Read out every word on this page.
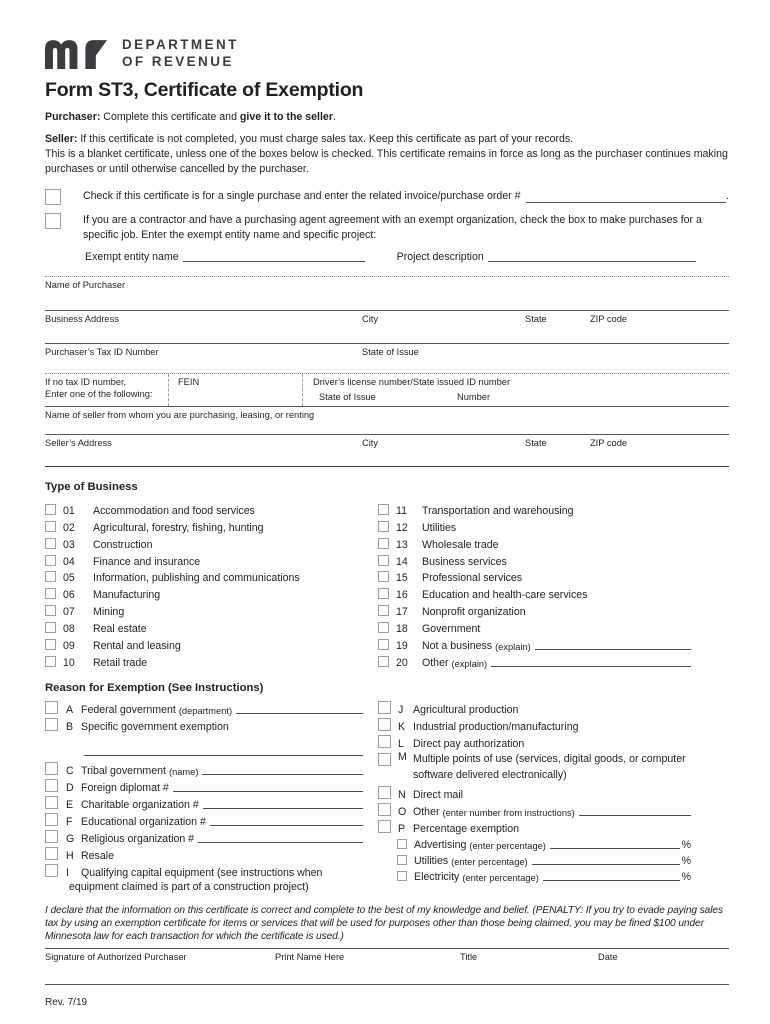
DEPARTMENT
OF REVENUE
Form ST3, Certificate of Exemption
Purchaser: Complete this certificate and give it to the seller.
Seller: If this certificate is not completed, you must charge sales tax. Keep this certificate as part of your records.
This is a blanket certificate, unless one of the boxes below is checked. This certificate remains in force as long as the purchaser continues making purchases or until otherwise cancelled by the purchaser.
Check if this certificate is for a single purchase and enter the related invoice/purchase order #	.
If you are a contractor and have a purchasing agent agreement with an exempt organization, check the box to make purchases for a specific job. Enter the exempt entity name and specific project:
Exempt entity name	Project description
Name of Purchaser
Business Address	City	State	ZIP code
Purchaser’s Tax ID Number	State of Issue
If no tax ID number,
Enter one of the following:
FEIN	Driver’s license number/State issued ID number
State of Issue	Number
Name of seller from whom you are purchasing, leasing, or renting
Seller’s Address	City	State	ZIP code
Type of Business
01	Accommodation and food services
02	Agricultural, forestry, fishing, hunting
03	Construction
04	Finance and insurance
05	Information, publishing and communications
06	Manufacturing
07	Mining
08	Real estate
09	Rental and leasing
10	Retail trade
11	Transportation and warehousing
12	Utilities
13	Wholesale trade
14	Business services
15	Professional services
16	Education and health-care services
17	Nonprofit organization
18	Government
19	Not a business (explain)
20	Other (explain)
Reason for Exemption (See Instructions)
A Federal government (department)
B Specific government exemption
C Tribal government (name)
D Foreign diplomat #
E Charitable organization #
F Educational organization #
G Religious organization #
H Resale
I	Qualifying capital equipment (see instructions when
equipment claimed is part of a construction project)
J Agricultural production
K Industrial production/manufacturing
L Direct pay authorization
M Multiple points of use (services, digital goods, or computer software delivered electronically)
N Direct mail
O Other (enter number from instructions)
P Percentage exemption
Advertising (enter percentage)	%
Utilities (enter percentage)	%
Electricity (enter percentage)	%
I declare that the information on this certificate is correct and complete to the best of my knowledge and belief. (PENALTY: If you try to evade paying sales tax by using an exemption certificate for items or services that will be used for purposes other than those being claimed, you may be fined $100 under Minnesota law for each transaction for which the certificate is used.)
Signature of Authorized Purchaser	Print Name Here	Title	Date
Rev. 7/19
